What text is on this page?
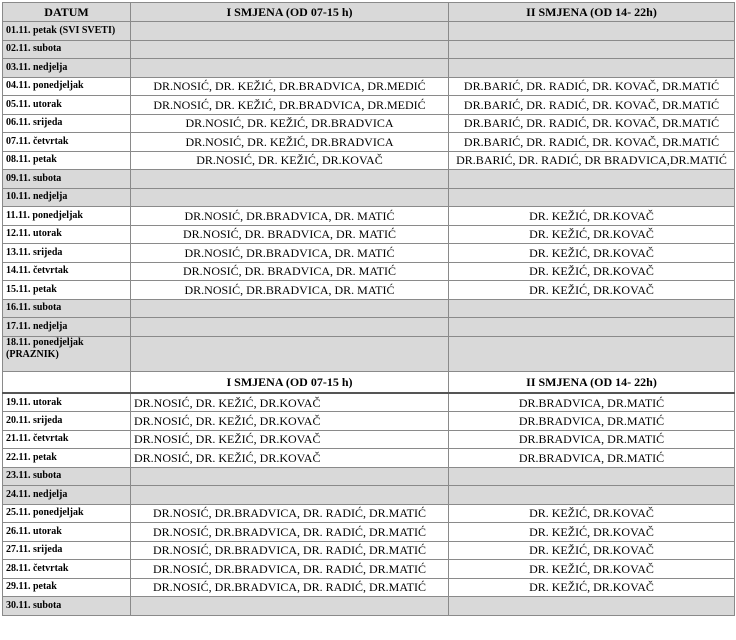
DATUM	I SMJENA (OD 07-15 h)	II SMJENA (OD 14- 22h)
01.11. petak (SVI SVETI)		
02.11. subota		
03.11. nedjelja		
04.11. ponedjeljak	DR.NOSIĆ, DR. KEŽIĆ, DR.BRADVICA, DR.MEDIĆ	DR.BARIĆ, DR. RADIĆ, DR. KOVAČ, DR.MATIĆ
05.11. utorak	DR.NOSIĆ, DR. KEŽIĆ, DR.BRADVICA, DR.MEDIĆ	DR.BARIĆ, DR. RADIĆ, DR. KOVAČ, DR.MATIĆ
06.11. srijeda	DR.NOSIĆ, DR. KEŽIĆ, DR.BRADVICA	DR.BARIĆ, DR. RADIĆ, DR. KOVAČ, DR.MATIĆ
07.11. četvrtak	DR.NOSIĆ, DR. KEŽIĆ, DR.BRADVICA	DR.BARIĆ, DR. RADIĆ, DR. KOVAČ, DR.MATIĆ
08.11. petak	DR.NOSIĆ, DR. KEŽIĆ, DR.KOVAČ	DR.BARIĆ, DR. RADIĆ, DR BRADVICA,DR.MATIĆ
09.11. subota		
10.11. nedjelja		
11.11. ponedjeljak	DR.NOSIĆ, DR.BRADVICA, DR. MATIĆ	DR. KEŽIĆ, DR.KOVAČ
12.11. utorak	DR.NOSIĆ, DR. BRADVICA, DR. MATIĆ	DR. KEŽIĆ, DR.KOVAČ
13.11. srijeda	DR.NOSIĆ, DR.BRADVICA, DR. MATIĆ	DR. KEŽIĆ, DR.KOVAČ
14.11. četvrtak	DR.NOSIĆ, DR. BRADVICA, DR. MATIĆ	DR. KEŽIĆ, DR.KOVAČ
15.11. petak	DR.NOSIĆ, DR.BRADVICA, DR. MATIĆ	DR. KEŽIĆ, DR.KOVAČ
16.11. subota		
17.11. nedjelja		
18.11. ponedjeljak (PRAZNIK)		
	I SMJENA (OD 07-15 h)	II SMJENA (OD 14- 22h)
19.11. utorak	DR.NOSIĆ, DR. KEŽIĆ, DR.KOVAČ	DR.BRADVICA, DR.MATIĆ
20.11. srijeda	DR.NOSIĆ, DR. KEŽIĆ, DR.KOVAČ	DR.BRADVICA, DR.MATIĆ
21.11. četvrtak	DR.NOSIĆ, DR. KEŽIĆ, DR.KOVAČ	DR.BRADVICA, DR.MATIĆ
22.11. petak	DR.NOSIĆ, DR. KEŽIĆ, DR.KOVAČ	DR.BRADVICA, DR.MATIĆ
23.11. subota		
24.11. nedjelja		
25.11. ponedjeljak	DR.NOSIĆ, DR.BRADVICA, DR. RADIĆ, DR.MATIĆ	DR. KEŽIĆ, DR.KOVAČ
26.11. utorak	DR.NOSIĆ, DR.BRADVICA, DR. RADIĆ, DR.MATIĆ	DR. KEŽIĆ, DR.KOVAČ
27.11. srijeda	DR.NOSIĆ, DR.BRADVICA, DR. RADIĆ, DR.MATIĆ	DR. KEŽIĆ, DR.KOVAČ
28.11. četvrtak	DR.NOSIĆ, DR.BRADVICA, DR. RADIĆ, DR.MATIĆ	DR. KEŽIĆ, DR.KOVAČ
29.11. petak	DR.NOSIĆ, DR.BRADVICA, DR. RADIĆ, DR.MATIĆ	DR. KEŽIĆ, DR.KOVAČ
30.11. subota		
